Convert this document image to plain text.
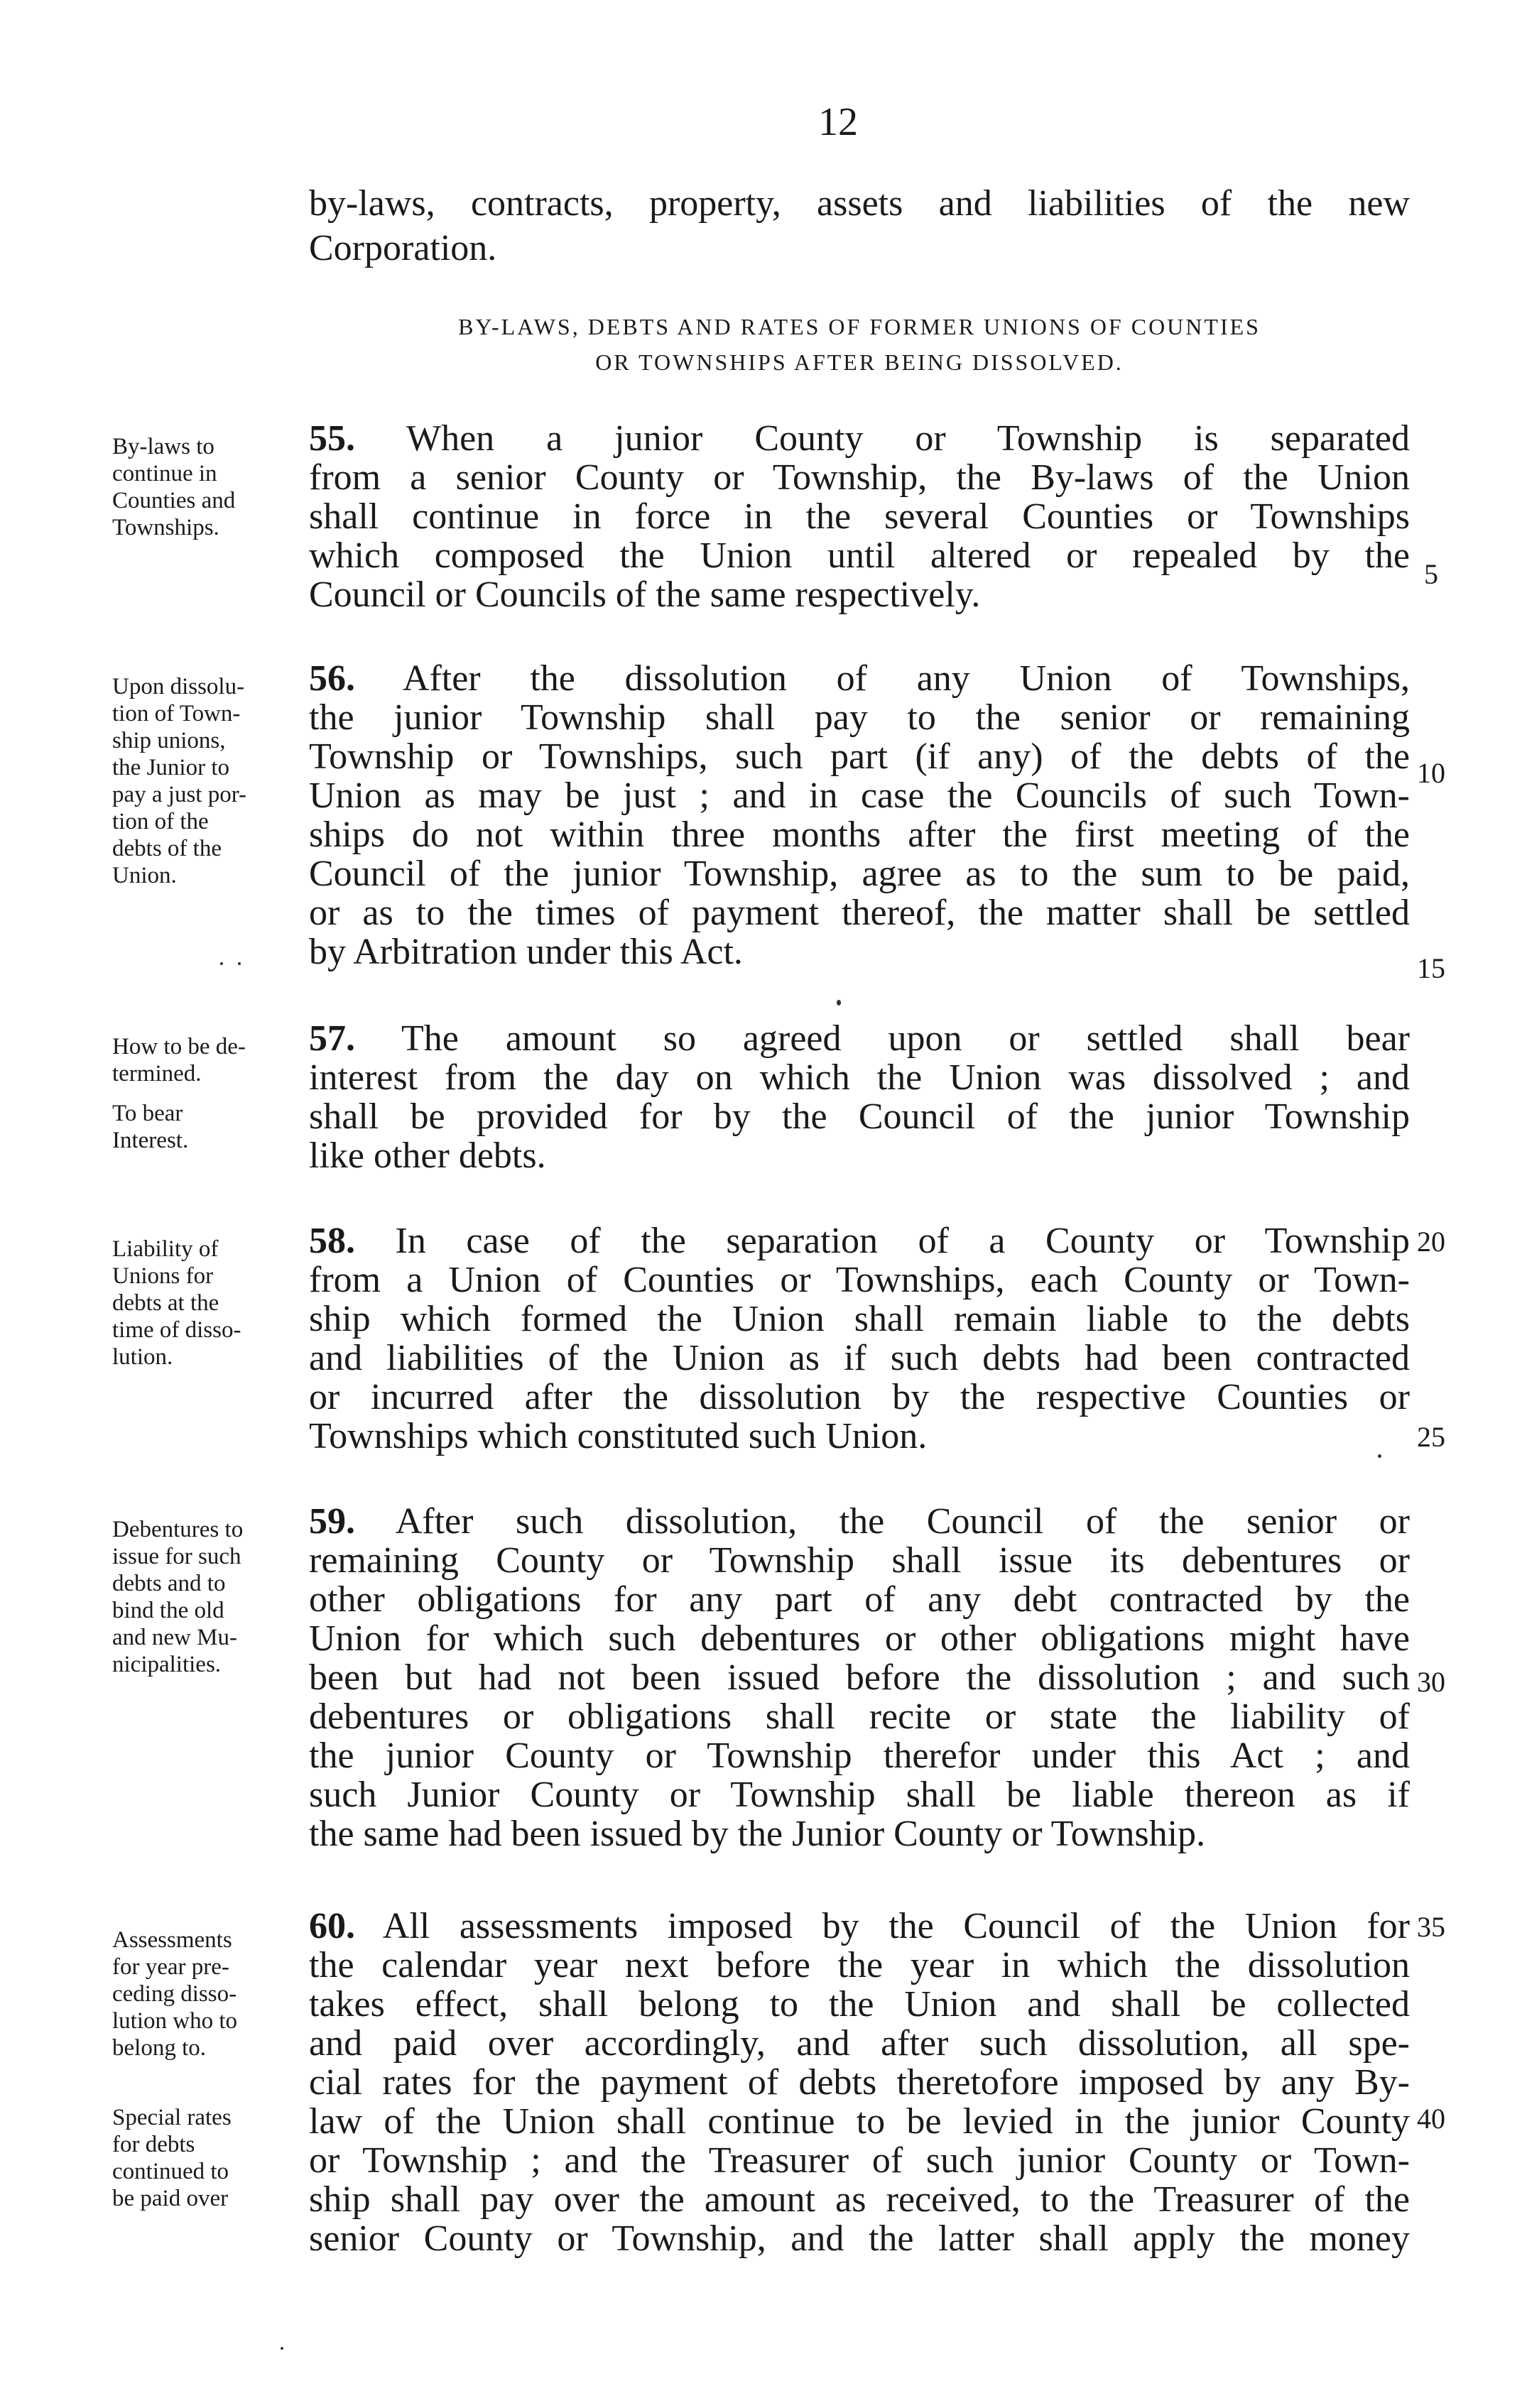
12
by-laws, contracts, property, assets and liabilities of the new
Corporation.
BY-LAWS, DEBTS AND RATES OF FORMER UNIONS OF COUNTIES
OR TOWNSHIPS AFTER BEING DISSOLVED.
By-laws to
continue in
Counties and
Townships.
55. When a junior County or Township is separated
from a senior County or Township, the By-laws of the Union
shall continue in force in the several Counties or Townships
which composed the Union until altered or repealed by the
Council or Councils of the same respectively.
Upon dissolu-
tion of Town-
ship unions,
the Junior to
pay a just por-
tion of the
debts of the
Union.
56. After the dissolution of any Union of Townships,
the junior Township shall pay to the senior or remaining
Township or Townships, such part (if any) of the debts of the
Union as may be just ; and in case the Councils of such Town-
ships do not within three months after the first meeting of the
Council of the junior Township, agree as to the sum to be paid,
or as to the times of payment thereof, the matter shall be settled
by Arbitration under this Act.
How to be de-
termined.
To bear
Interest.
57. The amount so agreed upon or settled shall bear
interest from the day on which the Union was dissolved ; and
shall be provided for by the Council of the junior Township
like other debts.
Liability of
Unions for
debts at the
time of disso-
lution.
58. In case of the separation of a County or Township
from a Union of Counties or Townships, each County or Town-
ship which formed the Union shall remain liable to the debts
and liabilities of the Union as if such debts had been contracted
or incurred after the dissolution by the respective Counties or
Townships which constituted such Union.
Debentures to
issue for such
debts and to
bind the old
and new Mu-
nicipalities.
59. After such dissolution, the Council of the senior or
remaining County or Township shall issue its debentures or
other obligations for any part of any debt contracted by the
Union for which such debentures or other obligations might have
been but had not been issued before the dissolution ; and such
debentures or obligations shall recite or state the liability of
the junior County or Township therefor under this Act ; and
such Junior County or Township shall be liable thereon as if
the same had been issued by the Junior County or Township.
Assessments
for year pre-
ceding disso-
lution who to
belong to.
Special rates
for debts
continued to
be paid over
60. All assessments imposed by the Council of the Union for
the calendar year next before the year in which the dissolution
takes effect, shall belong to the Union and shall be collected
and paid over accordingly, and after such dissolution, all spe-
cial rates for the payment of debts theretofore imposed by any By-
law of the Union shall continue to be levied in the junior County
or Township ; and the Treasurer of such junior County or Town-
ship shall pay over the amount as received, to the Treasurer of the
senior County or Township, and the latter shall apply the money
5
10
15
20
25
30
35
40
